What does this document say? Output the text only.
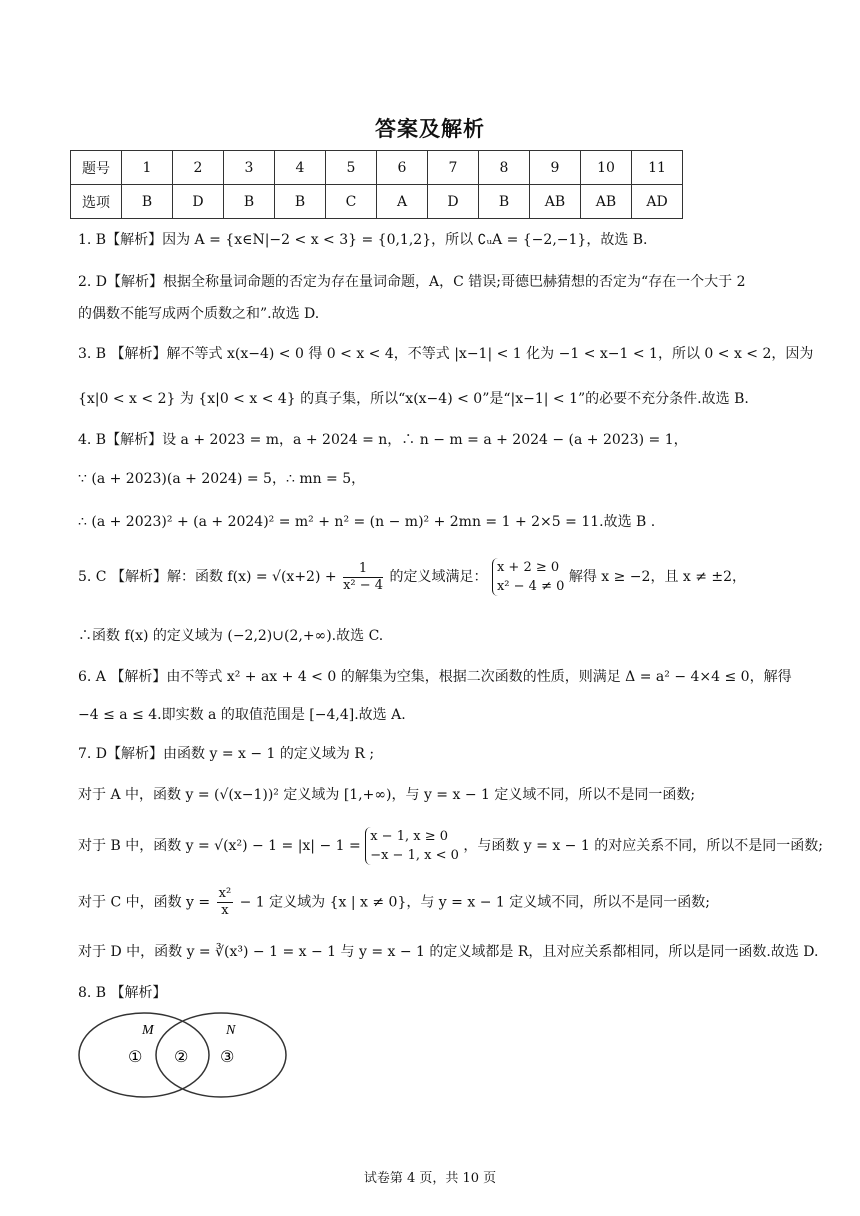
答案及解析
题号	1	2	3	4	5	6	7	8	9	10	11
选项	B	D	B	B	C	A	D	B	AB	AB	AD
1. B【解析】因为 A = {x∈N|−2 < x < 3} = {0,1,2}，所以 ∁ᵤA = {−2,−1}，故选 B.
2. D【解析】根据全称量词命题的否定为存在量词命题，A，C 错误;哥德巴赫猜想的否定为“存在一个大于 2
的偶数不能写成两个质数之和”.故选 D.
3. B 【解析】解不等式 x(x−4) < 0 得 0 < x < 4，不等式 |x−1| < 1 化为 −1 < x−1 < 1，所以 0 < x < 2，因为
{x|0 < x < 2} 为 {x|0 < x < 4} 的真子集，所以“x(x−4) < 0”是“|x−1| < 1”的必要不充分条件.故选 B.
4. B【解析】设 a + 2023 = m，a + 2024 = n，∴ n − m = a + 2024 − (a + 2023) = 1，
∵ (a + 2023)(a + 2024) = 5，∴ mn = 5，
∴ (a + 2023)² + (a + 2024)² = m² + n² = (n − m)² + 2mn = 1 + 2×5 = 11.故选 B .
5. C 【解析】解：函数 $f(x) = √(x+2) + \frac{1}{\text{x² − 4}}$ 的定义域满足：
x + 2 ≥ 0
x² − 4 ≠ 0
解得 x ≥ −2，且 x ≠ ±2，
∴函数 f(x) 的定义域为 (−2,2)∪(2,+∞).故选 C.
6. A 【解析】由不等式 x² + ax + 4 < 0 的解集为空集，根据二次函数的性质，则满足 Δ = a² − 4×4 ≤ 0，解得
−4 ≤ a ≤ 4.即实数 a 的取值范围是 [−4,4].故选 A.
7. D【解析】由函数 y = x − 1 的定义域为 R ;
对于 A 中，函数 y = (√(x−1))² 定义域为 [1,+∞)，与 y = x − 1 定义域不同，所以不是同一函数;
对于 B 中，函数 y = √(x²) − 1 = |x| − 1 =
x − 1, x ≥ 0
−x − 1, x < 0
，与函数 y = x − 1 的对应关系不同，所以不是同一函数;
对于 C 中，函数 $y = \frac{\text{x²}}{x} - 1$ 定义域为 {x | x ≠ 0}，与 y = x − 1 定义域不同，所以不是同一函数;
对于 D 中，函数 y = ∛(x³) − 1 = x − 1 与 y = x − 1 的定义域都是 R，且对应关系都相同，所以是同一函数.故选 D.
8. B 【解析】
M	N
① ② ③
试卷第 4 页，共 10 页
